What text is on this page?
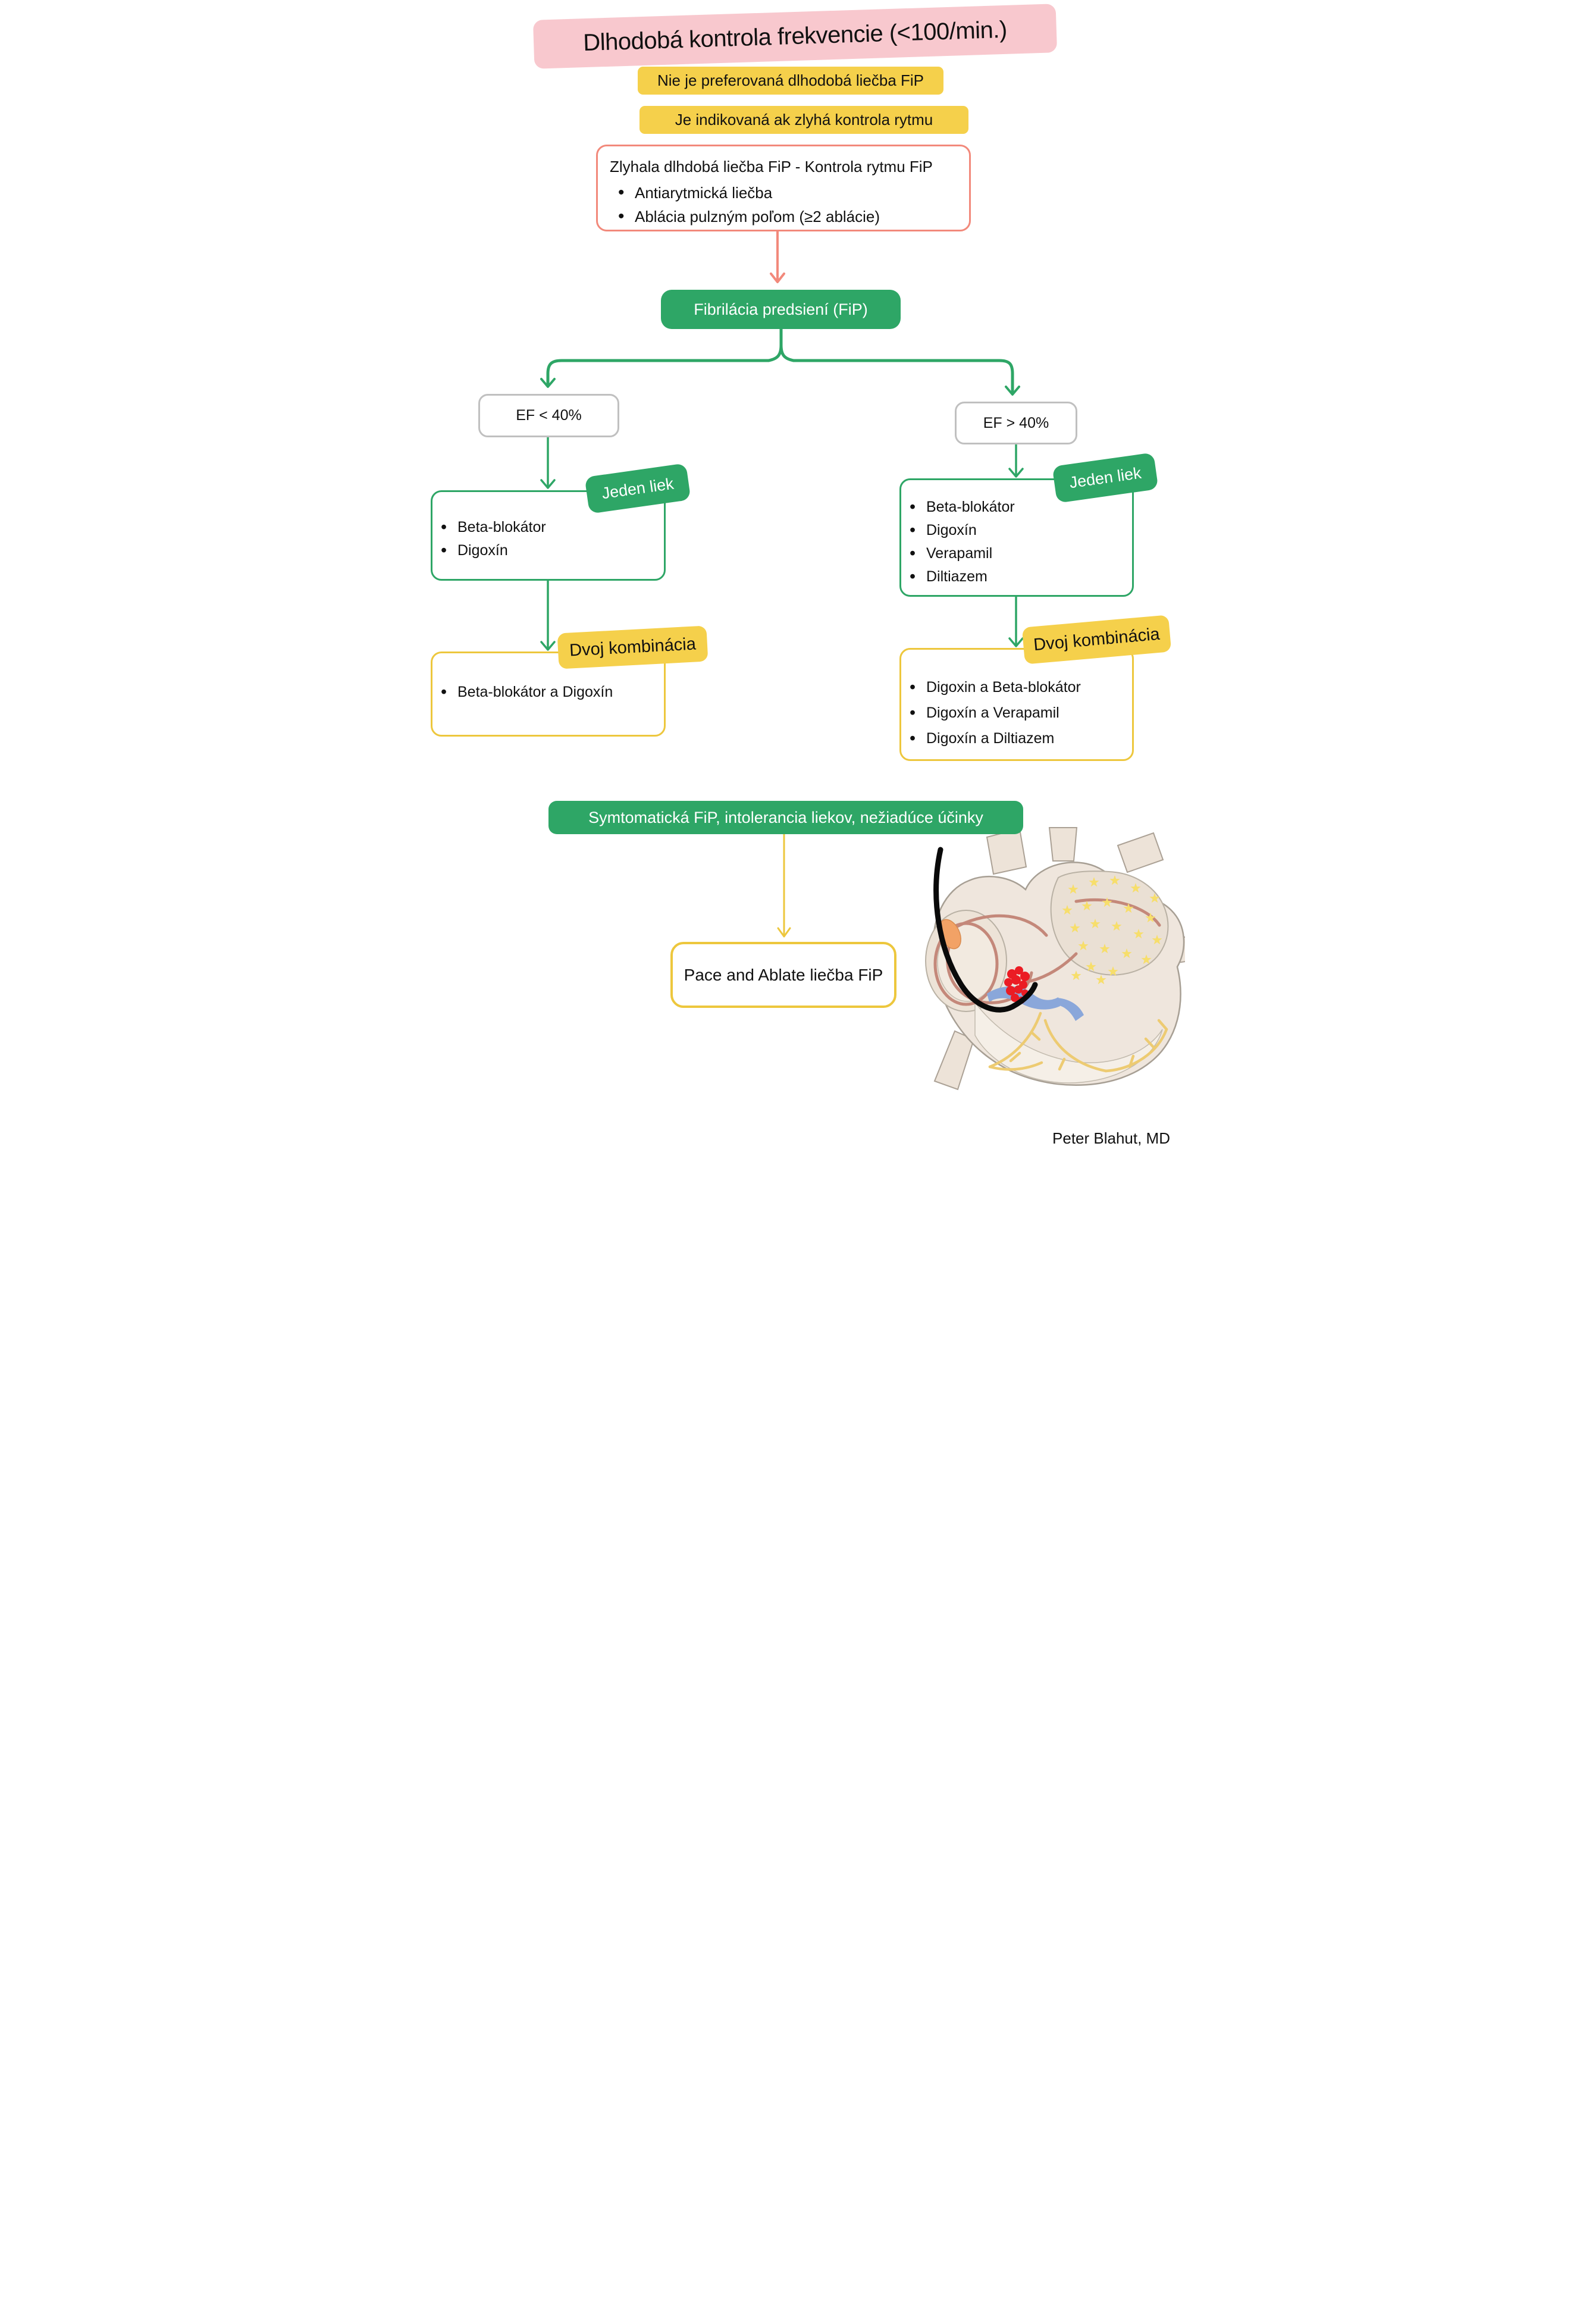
Dlhodobá kontrola frekvencie (<100/min.)
Nie je preferovaná dlhodobá liečba FiP
Je indikovaná ak zlyhá kontrola rytmu
Zlyhala dlhdobá liečba FiP - Kontrola rytmu FiP
• Antiarytmická liečba
• Ablácia pulzným poľom (≥2 ablácie)
Fibrilácia predsiení (FiP)
EF < 40%	EF > 40%
• Beta-blokátor
• Digoxín
Jeden liek
• Beta-blokátor a Digoxín
Dvoj kombinácia
• Beta-blokátor
• Digoxín
• Verapamil
• Diltiazem
Jeden liek
• Digoxin a Beta-blokátor
• Digoxín a Verapamil
• Digoxín a Diltiazem
Dvoj kombinácia
Symtomatická FiP, intolerancia liekov, nežiadúce účinky
Pace and Ablate liečba FiP
Peter Blahut, MD
